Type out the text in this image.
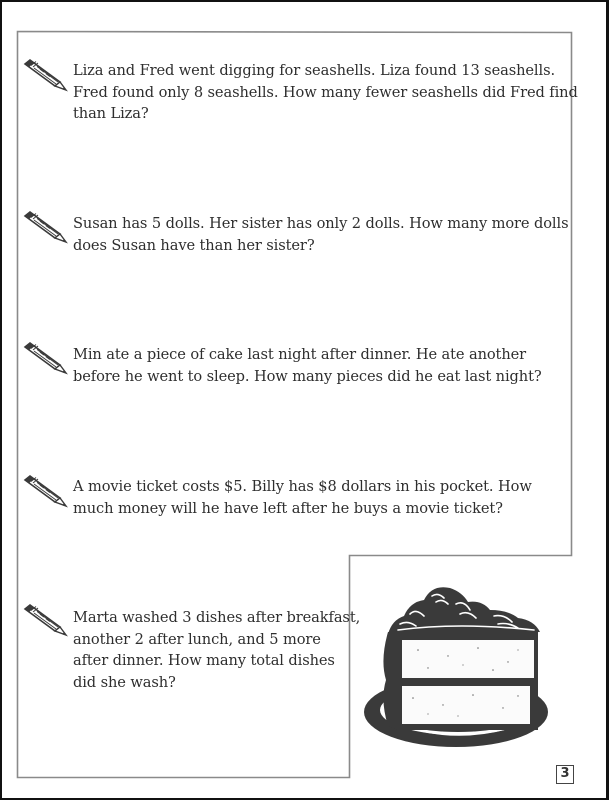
Liza and Fred went digging for seashells. Liza found 13 seashells.
Fred found only 8 seashells. How many fewer seashells did Fred find
than Liza?
Susan has 5 dolls. Her sister has only 2 dolls. How many more dolls
does Susan have than her sister?
Min ate a piece of cake last night after dinner. He ate another
before he went to sleep. How many pieces did he eat last night?
A movie ticket costs $5. Billy has $8 dollars in his pocket. How
much money will he have left after he buys a movie ticket?
Marta washed 3 dishes after breakfast,
another 2 after lunch, and 5 more
after dinner. How many total dishes
did she wash?
3
